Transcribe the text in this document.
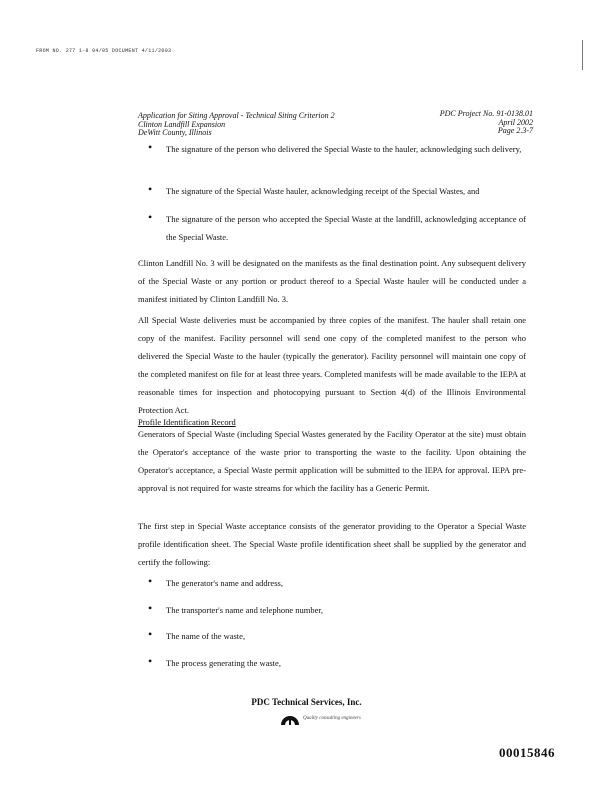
FROM NO. 277 1-8 04/05 DOCUMENT 4/11/2003
Application for Siting Approval - Technical Siting Criterion 2
Clinton Landfill Expansion
DeWitt County, Illinois
PDC Project No. 91-0138.01
April 2002
Page 2.3-7
• The signature of the person who delivered the Special Waste to the hauler, acknowledging such delivery,
• The signature of the Special Waste hauler, acknowledging receipt of the Special Wastes, and
• The signature of the person who accepted the Special Waste at the landfill, acknowledging acceptance of the Special Waste.
Clinton Landfill No. 3 will be designated on the manifests as the final destination point. Any subsequent delivery of the Special Waste or any portion or product thereof to a Special Waste hauler will be conducted under a manifest initiated by Clinton Landfill No. 3.
All Special Waste deliveries must be accompanied by three copies of the manifest. The hauler shall retain one copy of the manifest. Facility personnel will send one copy of the completed manifest to the person who delivered the Special Waste to the hauler (typically the generator). Facility personnel will maintain one copy of the completed manifest on file for at least three years. Completed manifests will be made available to the IEPA at reasonable times for inspection and photocopying pursuant to Section 4(d) of the Illinois Environmental Protection Act.
Profile Identification Record
Generators of Special Waste (including Special Wastes generated by the Facility Operator at the site) must obtain the Operator's acceptance of the waste prior to transporting the waste to the facility. Upon obtaining the Operator's acceptance, a Special Waste permit application will be submitted to the IEPA for approval. IEPA pre-approval is not required for waste streams for which the facility has a Generic Permit.
The first step in Special Waste acceptance consists of the generator providing to the Operator a Special Waste profile identification sheet. The Special Waste profile identification sheet shall be supplied by the generator and certify the following:
• The generator's name and address,
• The transporter's name and telephone number,
• The name of the waste,
• The process generating the waste,
PDC Technical Services, Inc.
Quality consulting engineers
00015846
